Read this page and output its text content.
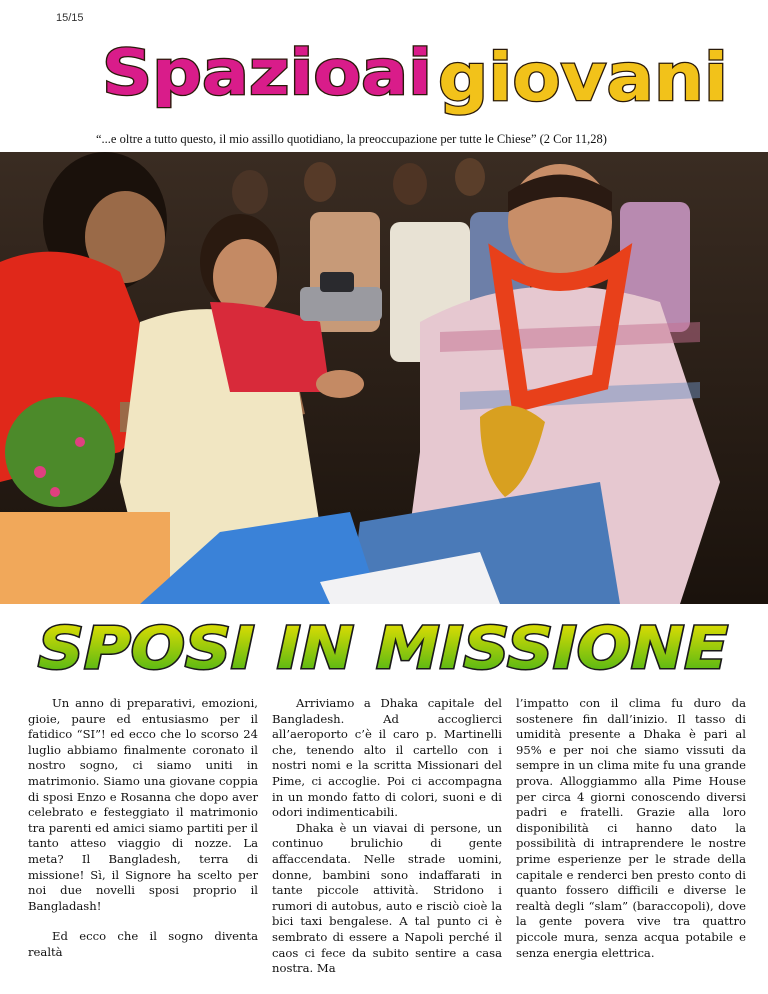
15/15
Spazioai giovani
“...e oltre a tutto questo, il mio assillo quotidiano, la preoccupazione per tutte le Chiese” (2 Cor 11,28)
SPOSI IN MISSIONE

Un anno di preparativi, emozioni, gioie, paure ed entusiasmo per il fatidico “SI”! ed ecco che lo scorso 24 luglio abbiamo finalmente coronato il nostro sogno, ci siamo uniti in matrimonio. Siamo una giovane coppia di sposi Enzo e Rosanna che dopo aver celebrato e festeggiato il matrimonio tra parenti ed amici siamo partiti per il tanto atteso viaggio di nozze. La meta? Il Bangladesh, terra di missione! Sì, il Signore ha scelto per noi due novelli sposi proprio il Bangladash!

Ed ecco che il sogno diventa realtà

Arriviamo a Dhaka capitale del Bangladesh. Ad accoglierci all’aeroporto c’è il caro p. Martinelli che, tenendo alto il cartello con i nostri nomi e la scritta Missionari del Pime, ci accoglie. Poi ci accompagna in un mondo fatto di colori, suoni e di odori indimenticabili.

Dhaka è un viavai di persone, un continuo brulichio di gente affaccendata. Nelle strade uomini, donne, bambini sono indaffarati in tante piccole attività. Stridono i rumori di autobus, auto e risciò cioè la bici taxi bengalese. A tal punto ci è sembrato di essere a Napoli perché il caos ci fece da subito sentire a casa nostra. Ma

l’impatto con il clima fu duro da sostenere fin dall’inizio. Il tasso di umidità presente a Dhaka è pari al 95% e per noi che siamo vissuti da sempre in un clima mite fu una grande prova. Alloggiammo alla Pime House per circa 4 giorni conoscendo diversi padri e fratelli. Grazie alla loro disponibilità ci hanno dato la possibilità di intraprendere le nostre prime esperienze per le strade della capitale e renderci ben presto conto di quanto fossero difficili e diverse le realtà degli “slam” (baraccopoli), dove la gente povera vive tra quattro piccole mura, senza acqua potabile e senza energia elettrica.
